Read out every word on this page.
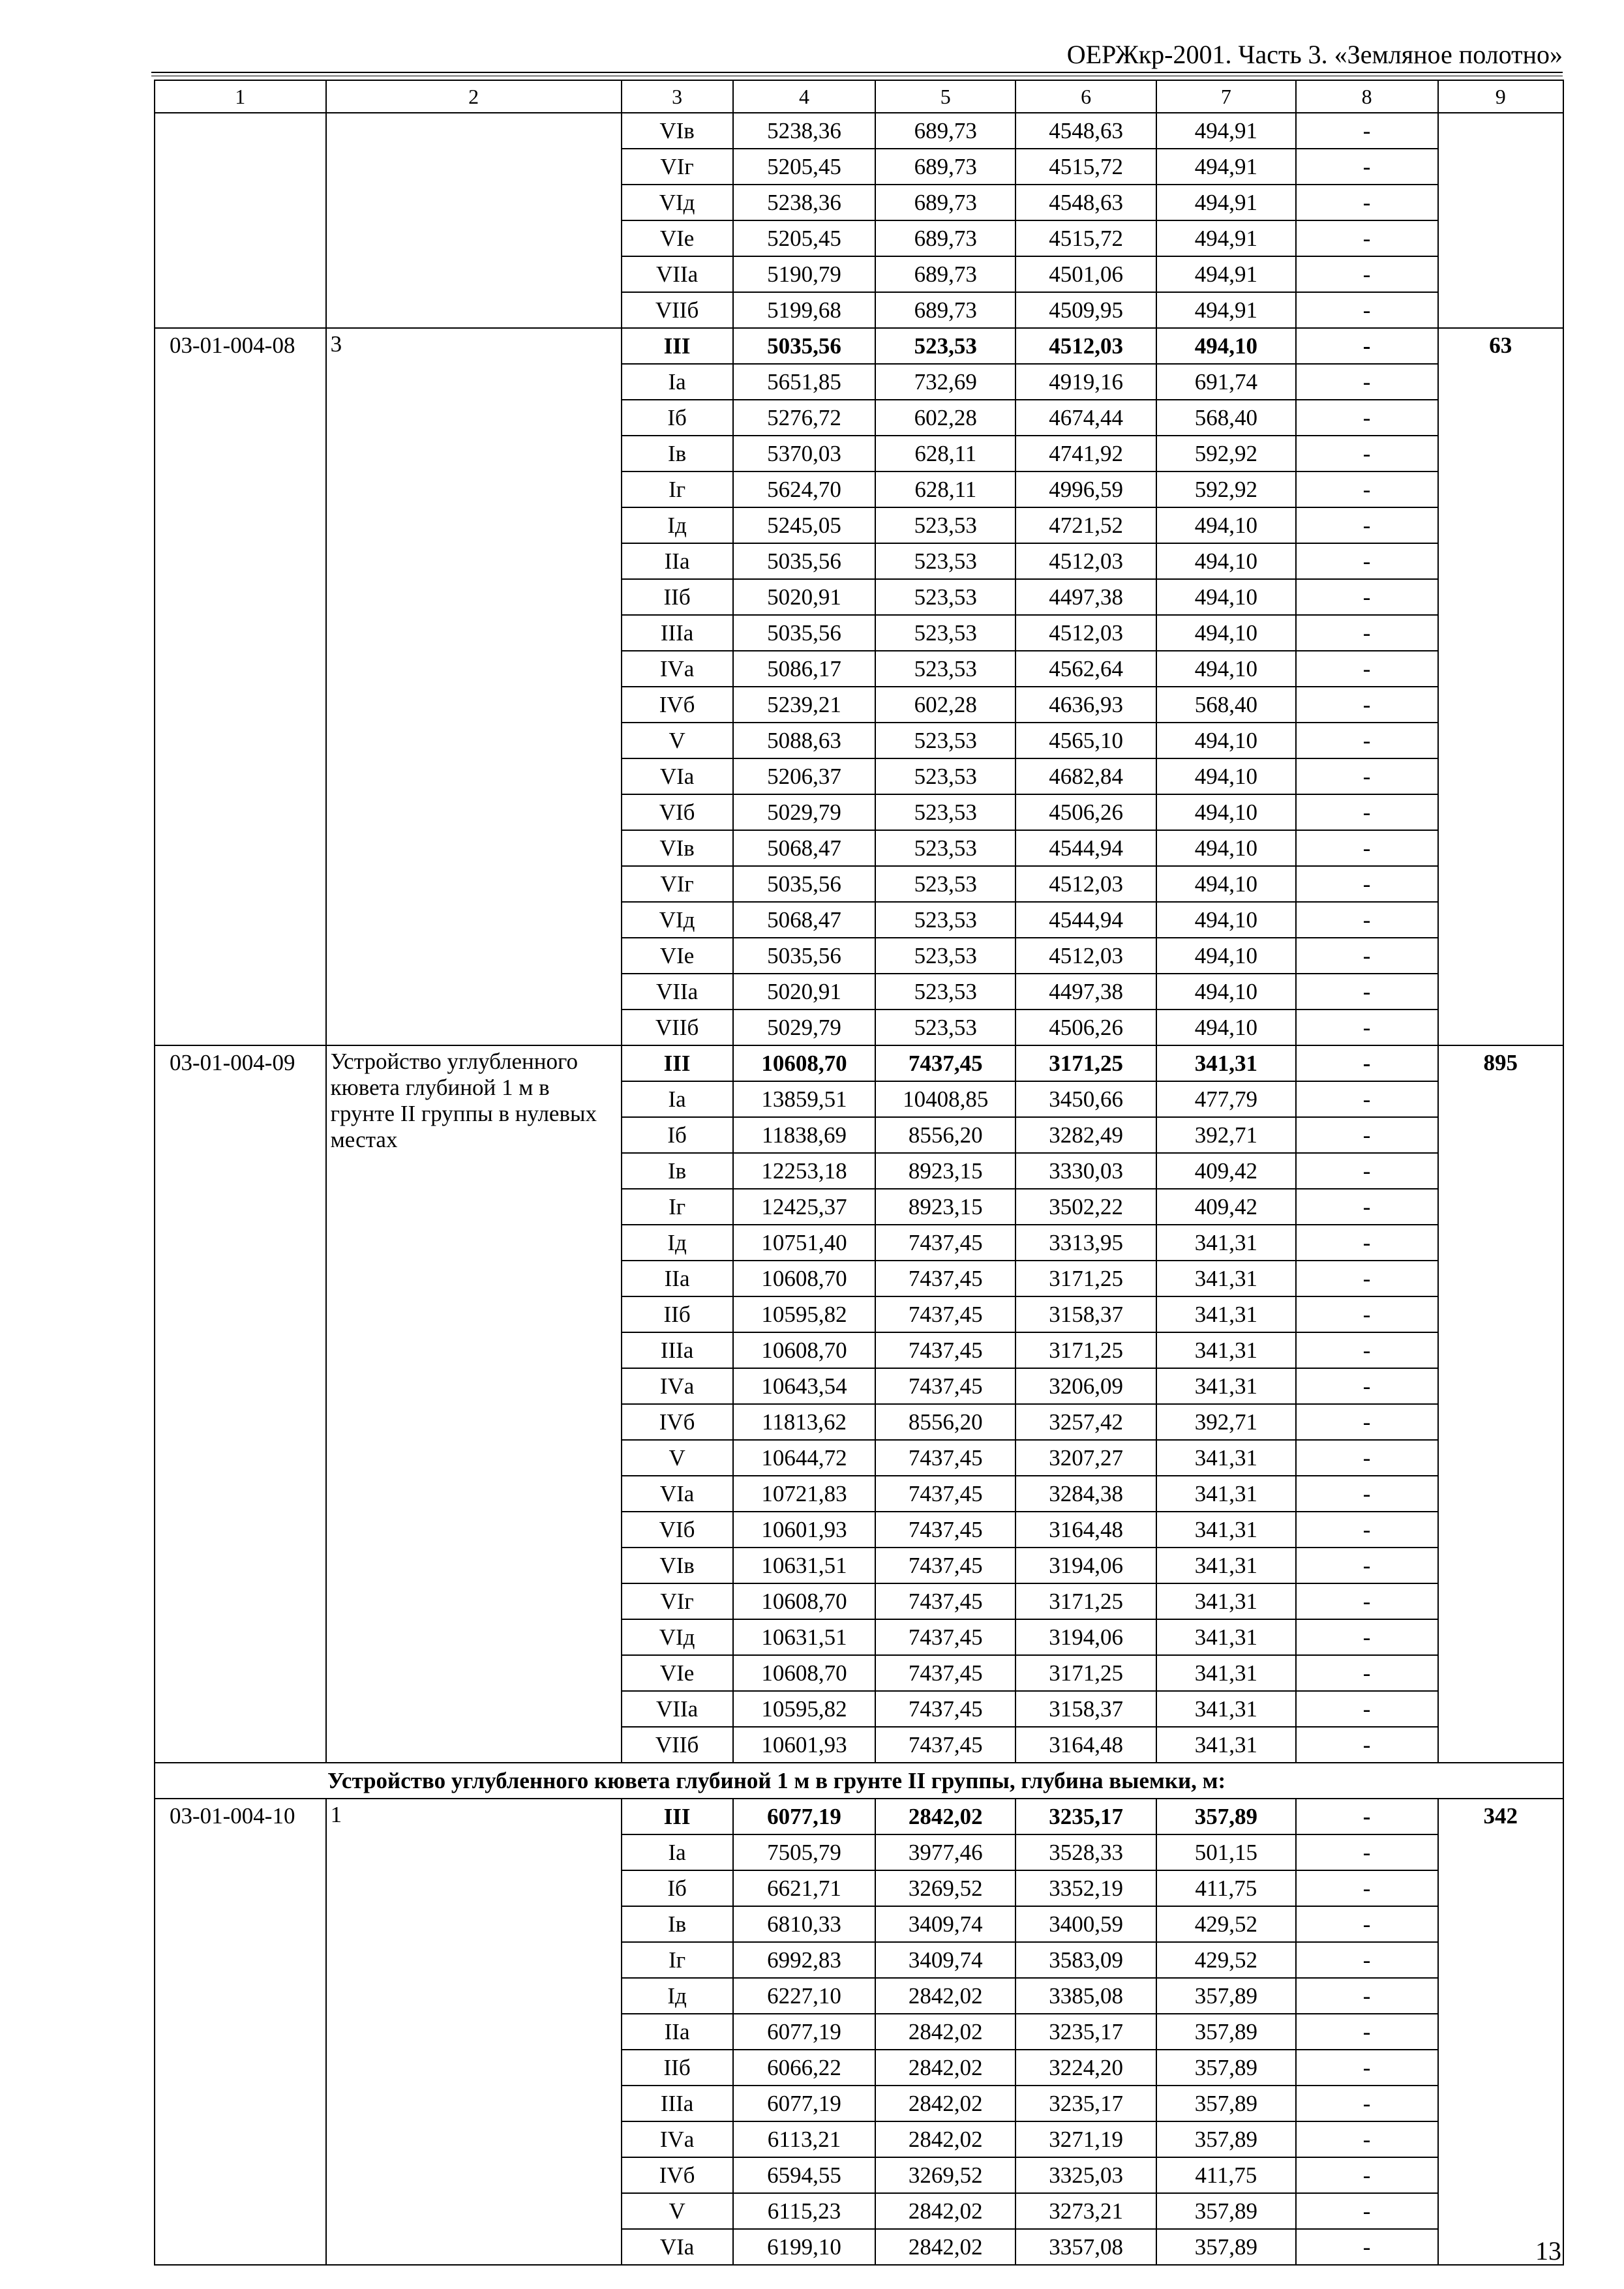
ОЕРЖкр-2001. Часть 3. «Земляное полотно»
1	2	3	4	5	6	7	8	9
		VIв	5238,36	689,73	4548,63	494,91	-	
		VIг	5205,45	689,73	4515,72	494,91	-	
		VIд	5238,36	689,73	4548,63	494,91	-	
		VIе	5205,45	689,73	4515,72	494,91	-	
		VIIа	5190,79	689,73	4501,06	494,91	-	
		VIIб	5199,68	689,73	4509,95	494,91	-	
03-01-004-08	3	III	5035,56	523,53	4512,03	494,10	-	63
		Iа	5651,85	732,69	4919,16	691,74	-	
		Iб	5276,72	602,28	4674,44	568,40	-	
		Iв	5370,03	628,11	4741,92	592,92	-	
		Iг	5624,70	628,11	4996,59	592,92	-	
		Iд	5245,05	523,53	4721,52	494,10	-	
		IIа	5035,56	523,53	4512,03	494,10	-	
		IIб	5020,91	523,53	4497,38	494,10	-	
		IIIа	5035,56	523,53	4512,03	494,10	-	
		IVа	5086,17	523,53	4562,64	494,10	-	
		IVб	5239,21	602,28	4636,93	568,40	-	
		V	5088,63	523,53	4565,10	494,10	-	
		VIа	5206,37	523,53	4682,84	494,10	-	
		VIб	5029,79	523,53	4506,26	494,10	-	
		VIв	5068,47	523,53	4544,94	494,10	-	
		VIг	5035,56	523,53	4512,03	494,10	-	
		VIд	5068,47	523,53	4544,94	494,10	-	
		VIе	5035,56	523,53	4512,03	494,10	-	
		VIIа	5020,91	523,53	4497,38	494,10	-	
		VIIб	5029,79	523,53	4506,26	494,10	-	
03-01-004-09	Устройство углубленного кювета глубиной 1 м в грунте II группы в нулевых местах	III	10608,70	7437,45	3171,25	341,31	-	895
		Iа	13859,51	10408,85	3450,66	477,79	-	
		Iб	11838,69	8556,20	3282,49	392,71	-	
		Iв	12253,18	8923,15	3330,03	409,42	-	
		Iг	12425,37	8923,15	3502,22	409,42	-	
		Iд	10751,40	7437,45	3313,95	341,31	-	
		IIа	10608,70	7437,45	3171,25	341,31	-	
		IIб	10595,82	7437,45	3158,37	341,31	-	
		IIIа	10608,70	7437,45	3171,25	341,31	-	
		IVа	10643,54	7437,45	3206,09	341,31	-	
		IVб	11813,62	8556,20	3257,42	392,71	-	
		V	10644,72	7437,45	3207,27	341,31	-	
		VIа	10721,83	7437,45	3284,38	341,31	-	
		VIб	10601,93	7437,45	3164,48	341,31	-	
		VIв	10631,51	7437,45	3194,06	341,31	-	
		VIг	10608,70	7437,45	3171,25	341,31	-	
		VIд	10631,51	7437,45	3194,06	341,31	-	
		VIе	10608,70	7437,45	3171,25	341,31	-	
		VIIа	10595,82	7437,45	3158,37	341,31	-	
		VIIб	10601,93	7437,45	3164,48	341,31	-	
Устройство углубленного кювета глубиной 1 м в грунте II группы, глубина выемки, м:								
03-01-004-10	1	III	6077,19	2842,02	3235,17	357,89	-	342
		Iа	7505,79	3977,46	3528,33	501,15	-	
		Iб	6621,71	3269,52	3352,19	411,75	-	
		Iв	6810,33	3409,74	3400,59	429,52	-	
		Iг	6992,83	3409,74	3583,09	429,52	-	
		Iд	6227,10	2842,02	3385,08	357,89	-	
		IIа	6077,19	2842,02	3235,17	357,89	-	
		IIб	6066,22	2842,02	3224,20	357,89	-	
		IIIа	6077,19	2842,02	3235,17	357,89	-	
		IVа	6113,21	2842,02	3271,19	357,89	-	
		IVб	6594,55	3269,52	3325,03	411,75	-	
		V	6115,23	2842,02	3273,21	357,89	-	
		VIа	6199,10	2842,02	3357,08	357,89	-		13
